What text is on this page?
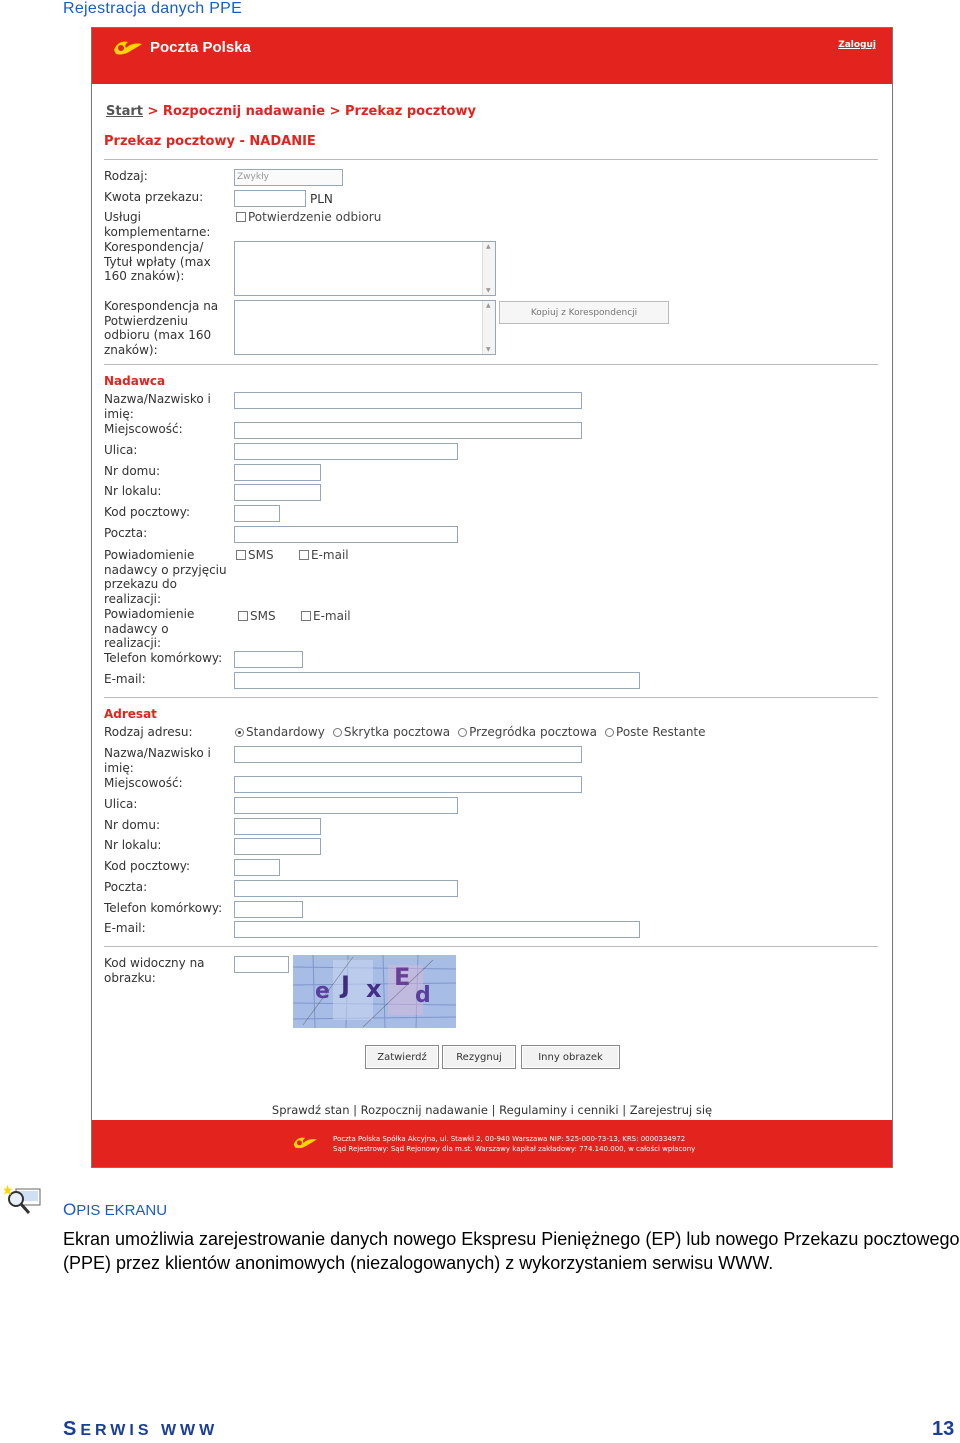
Rejestracja danych PPE
Poczta Polska	Zaloguj
Start > Rozpocznij nadawanie > Przekaz pocztowy
Przekaz pocztowy - NADANIE
Rodzaj:	Zwykły
Kwota przekazu:	PLN
Usługi komplementarne:
Potwierdzenie odbioru
Korespondencja/ Tytuł wpłaty (max 160 znaków):
▲ ▼
Korespondencja na Potwierdzeniu odbioru (max 160 znaków):
▲ ▼
Kopiuj z Korespondencji
Nadawca
Nazwa/Nazwisko i imię:
Miejscowość:
Ulica:
Nr domu:
Nr lokalu:
Kod pocztowy:
Poczta:
Powiadomienie nadawcy o przyjęciu przekazu do realizacji:
SMS	E-mail
Powiadomienie nadawcy o realizacji:
SMS	E-mail
Telefon komórkowy:
E-mail:
Adresat
Rodzaj adresu:	Standardowy	Skrytka pocztowa	Przegródka pocztowa	Poste Restante
Nazwa/Nazwisko i imię:
Miejscowość:
Ulica:
Nr domu:
Nr lokalu:
Kod pocztowy:
Poczta:
Telefon komórkowy:
E-mail:
Kod widoczny na obrazku:
e J x E
d
Zatwierdź	Rezygnuj	Inny obrazek
Sprawdź stan | Rozpocznij nadawanie | Regulaminy i cenniki | Zarejestruj się
Poczta Polska Spółka Akcyjna, ul. Stawki 2, 00-940 Warszawa NIP: 525-000-73-13, KRS: 0000334972
Sąd Rejestrowy: Sąd Rejonowy dla m.st. Warszawy kapitał zakładowy: 774.140.000, w całości wpłacony
OPIS EKRANU
Ekran umożliwia zarejestrowanie danych nowego Ekspresu Pieniężnego (EP) lub nowego Przekazu pocztowego (PPE) przez klientów anonimowych (niezalogowanych) z wykorzystaniem serwisu WWW.
SERWIS WWW	13
